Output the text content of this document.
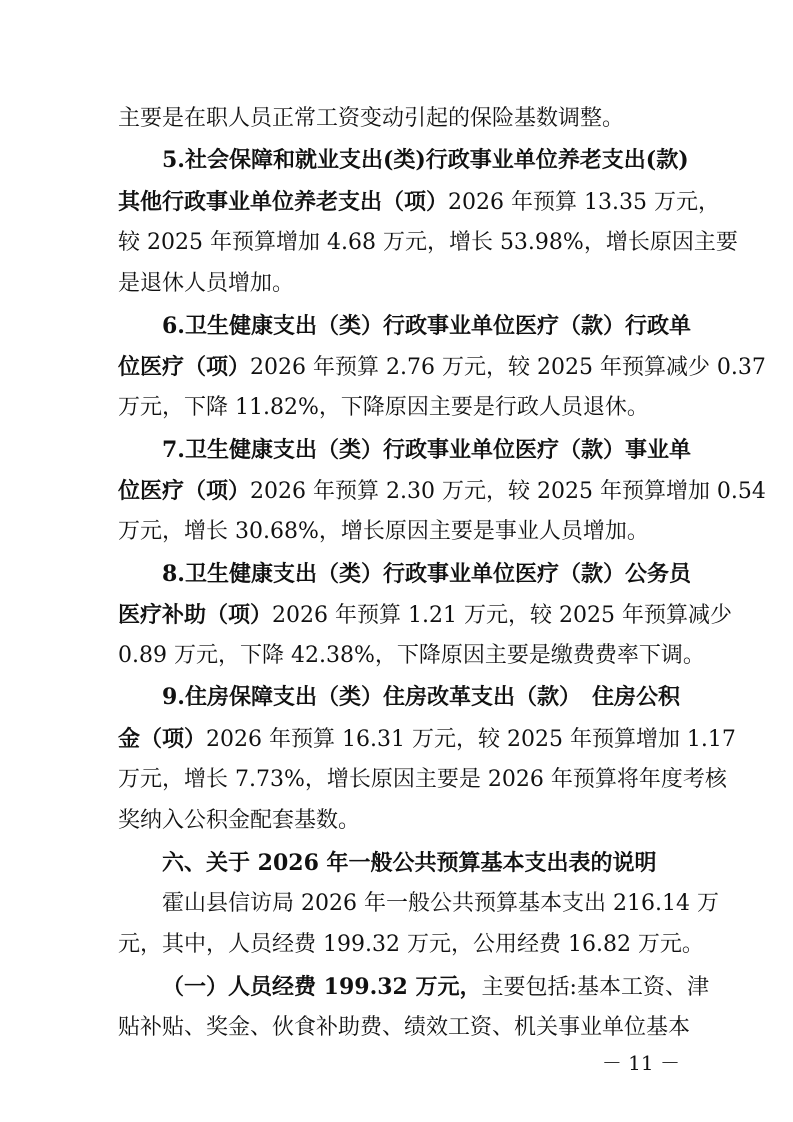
主要是在职人员正常工资变动引起的保险基数调整。
5.社会保障和就业支出(类)行政事业单位养老支出(款)
其他行政事业单位养老支出（项）2026 年预算 13.35 万元，
较 2025 年预算增加 4.68 万元，增长 53.98%，增长原因主要
是退休人员增加。
6.卫生健康支出（类）行政事业单位医疗（款）行政单
位医疗（项）2026 年预算 2.76 万元，较 2025 年预算减少 0.37
万元，下降 11.82%，下降原因主要是行政人员退休。
7.卫生健康支出（类）行政事业单位医疗（款）事业单
位医疗（项）2026 年预算 2.30 万元，较 2025 年预算增加 0.54
万元，增长 30.68%，增长原因主要是事业人员增加。
8.卫生健康支出（类）行政事业单位医疗（款）公务员
医疗补助（项）2026 年预算 1.21 万元，较 2025 年预算减少
0.89 万元，下降 42.38%，下降原因主要是缴费费率下调。
9.住房保障支出（类）住房改革支出（款）　住房公积
金（项）2026 年预算 16.31 万元，较 2025 年预算增加 1.17
万元，增长 7.73%，增长原因主要是 2026 年预算将年度考核
奖纳入公积金配套基数。
六、关于 2026 年一般公共预算基本支出表的说明
霍山县信访局 2026 年一般公共预算基本支出 216.14 万
元，其中，人员经费 199.32 万元，公用经费 16.82 万元。
（一）人员经费 199.32 万元，主要包括:基本工资、津
贴补贴、奖金、伙食补助费、绩效工资、机关事业单位基本
－ 11 －
